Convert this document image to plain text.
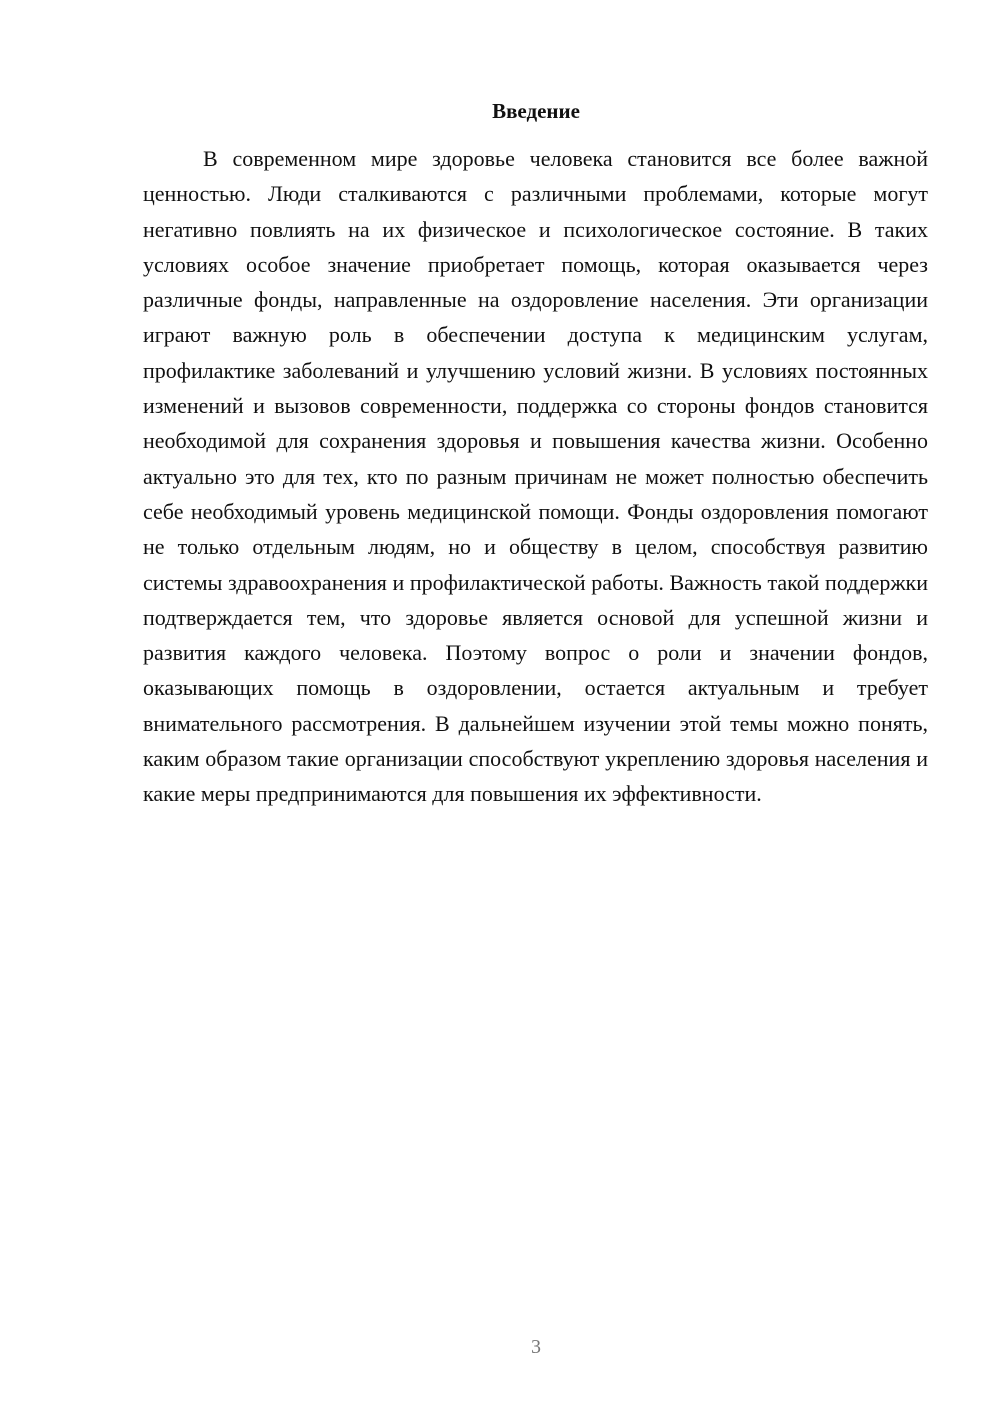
Введение

В современном мире здоровье человека становится все более важной ценностью. Люди сталкиваются с различными проблемами, которые могут негативно повлиять на их физическое и психологическое состояние. В таких условиях особое значение приобретает помощь, которая оказывается через различные фонды, направленные на оздоровление населения. Эти организации играют важную роль в обеспечении доступа к медицинским услугам, профилактике заболеваний и улучшению условий жизни. В условиях постоянных изменений и вызовов современности, поддержка со стороны фондов становится необходимой для сохранения здоровья и повышения качества жизни. Особенно актуально это для тех, кто по разным причинам не может полностью обеспечить себе необходимый уровень медицинской помощи. Фонды оздоровления помогают не только отдельным людям, но и обществу в целом, способствуя развитию системы здравоохранения и профилактической работы. Важность такой поддержки подтверждается тем, что здоровье является основой для успешной жизни и развития каждого человека. Поэтому вопрос о роли и значении фондов, оказывающих помощь в оздоровлении, остается актуальным и требует внимательного рассмотрения. В дальнейшем изучении этой темы можно понять, каким образом такие организации способствуют укреплению здоровья населения и какие меры предпринимаются для повышения их эффективности.

3
